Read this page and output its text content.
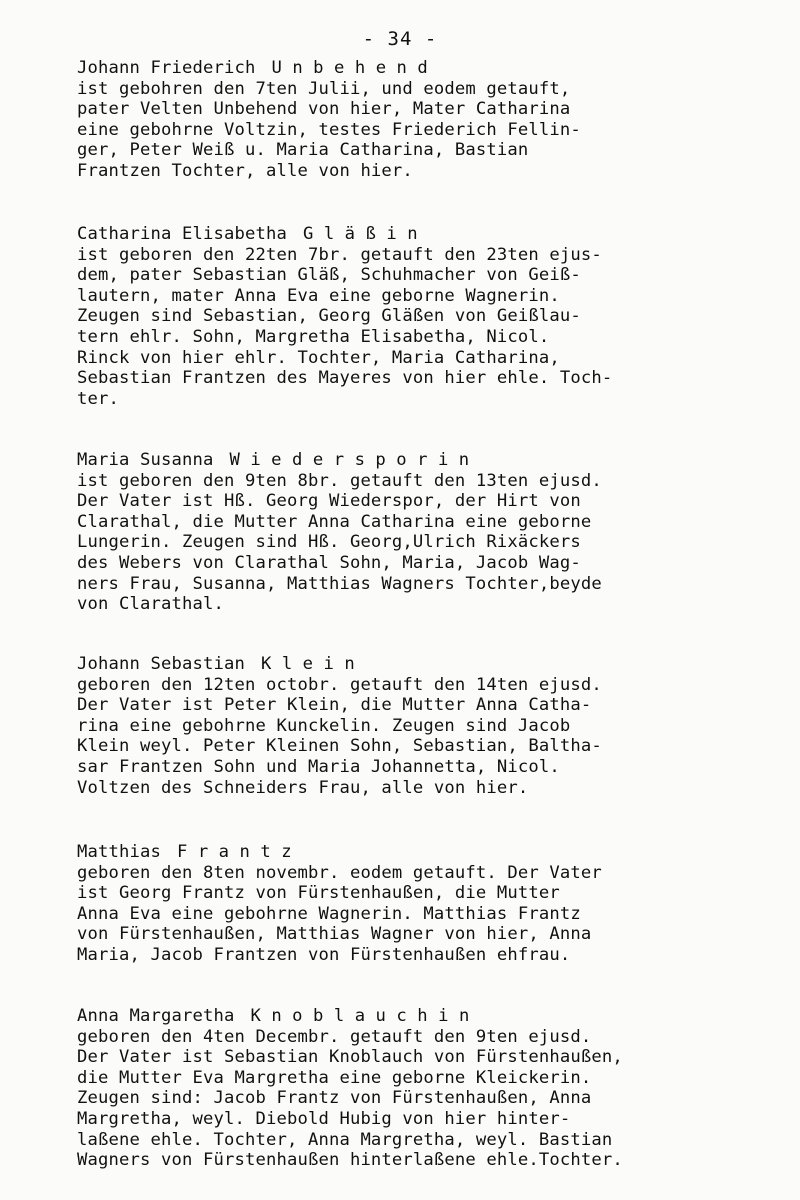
- 34 -
Johann Friederich Unbehend
ist gebohren den 7ten Julii, und eodem getauft,
pater Velten Unbehend von hier, Mater Catharina
eine gebohrne Voltzin, testes Friederich Fellin-
ger, Peter Weiß u. Maria Catharina, Bastian
Frantzen Tochter, alle von hier.
Catharina Elisabetha Gläßin
ist geboren den 22ten 7br. getauft den 23ten ejus-
dem, pater Sebastian Gläß, Schuhmacher von Geiß-
lautern, mater Anna Eva eine geborne Wagnerin.
Zeugen sind Sebastian, Georg Gläßen von Geißlau-
tern ehlr. Sohn, Margretha Elisabetha, Nicol.
Rinck von hier ehlr. Tochter, Maria Catharina,
Sebastian Frantzen des Mayeres von hier ehle. Toch-
ter.
Maria Susanna Wiedersporin
ist geboren den 9ten 8br. getauft den 13ten ejusd.
Der Vater ist Hß. Georg Wiederspor, der Hirt von
Clarathal, die Mutter Anna Catharina eine geborne
Lungerin. Zeugen sind Hß. Georg,Ulrich Rixäckers
des Webers von Clarathal Sohn, Maria, Jacob Wag-
ners Frau, Susanna, Matthias Wagners Tochter,beyde
von Clarathal.
Johann Sebastian Klein
geboren den 12ten octobr. getauft den 14ten ejusd.
Der Vater ist Peter Klein, die Mutter Anna Catha-
rina eine gebohrne Kunckelin. Zeugen sind Jacob
Klein weyl. Peter Kleinen Sohn, Sebastian, Baltha-
sar Frantzen Sohn und Maria Johannetta, Nicol.
Voltzen des Schneiders Frau, alle von hier.
Matthias Frantz
geboren den 8ten novembr. eodem getauft. Der Vater
ist Georg Frantz von Fürstenhaußen, die Mutter
Anna Eva eine gebohrne Wagnerin. Matthias Frantz
von Fürstenhaußen, Matthias Wagner von hier, Anna
Maria, Jacob Frantzen von Fürstenhaußen ehfrau.
Anna Margaretha Knoblauchin
geboren den 4ten Decembr. getauft den 9ten ejusd.
Der Vater ist Sebastian Knoblauch von Fürstenhaußen,
die Mutter Eva Margretha eine geborne Kleickerin.
Zeugen sind: Jacob Frantz von Fürstenhaußen, Anna
Margretha, weyl. Diebold Hubig von hier hinter-
laßene ehle. Tochter, Anna Margretha, weyl. Bastian
Wagners von Fürstenhaußen hinterlaßene ehle.Tochter.
